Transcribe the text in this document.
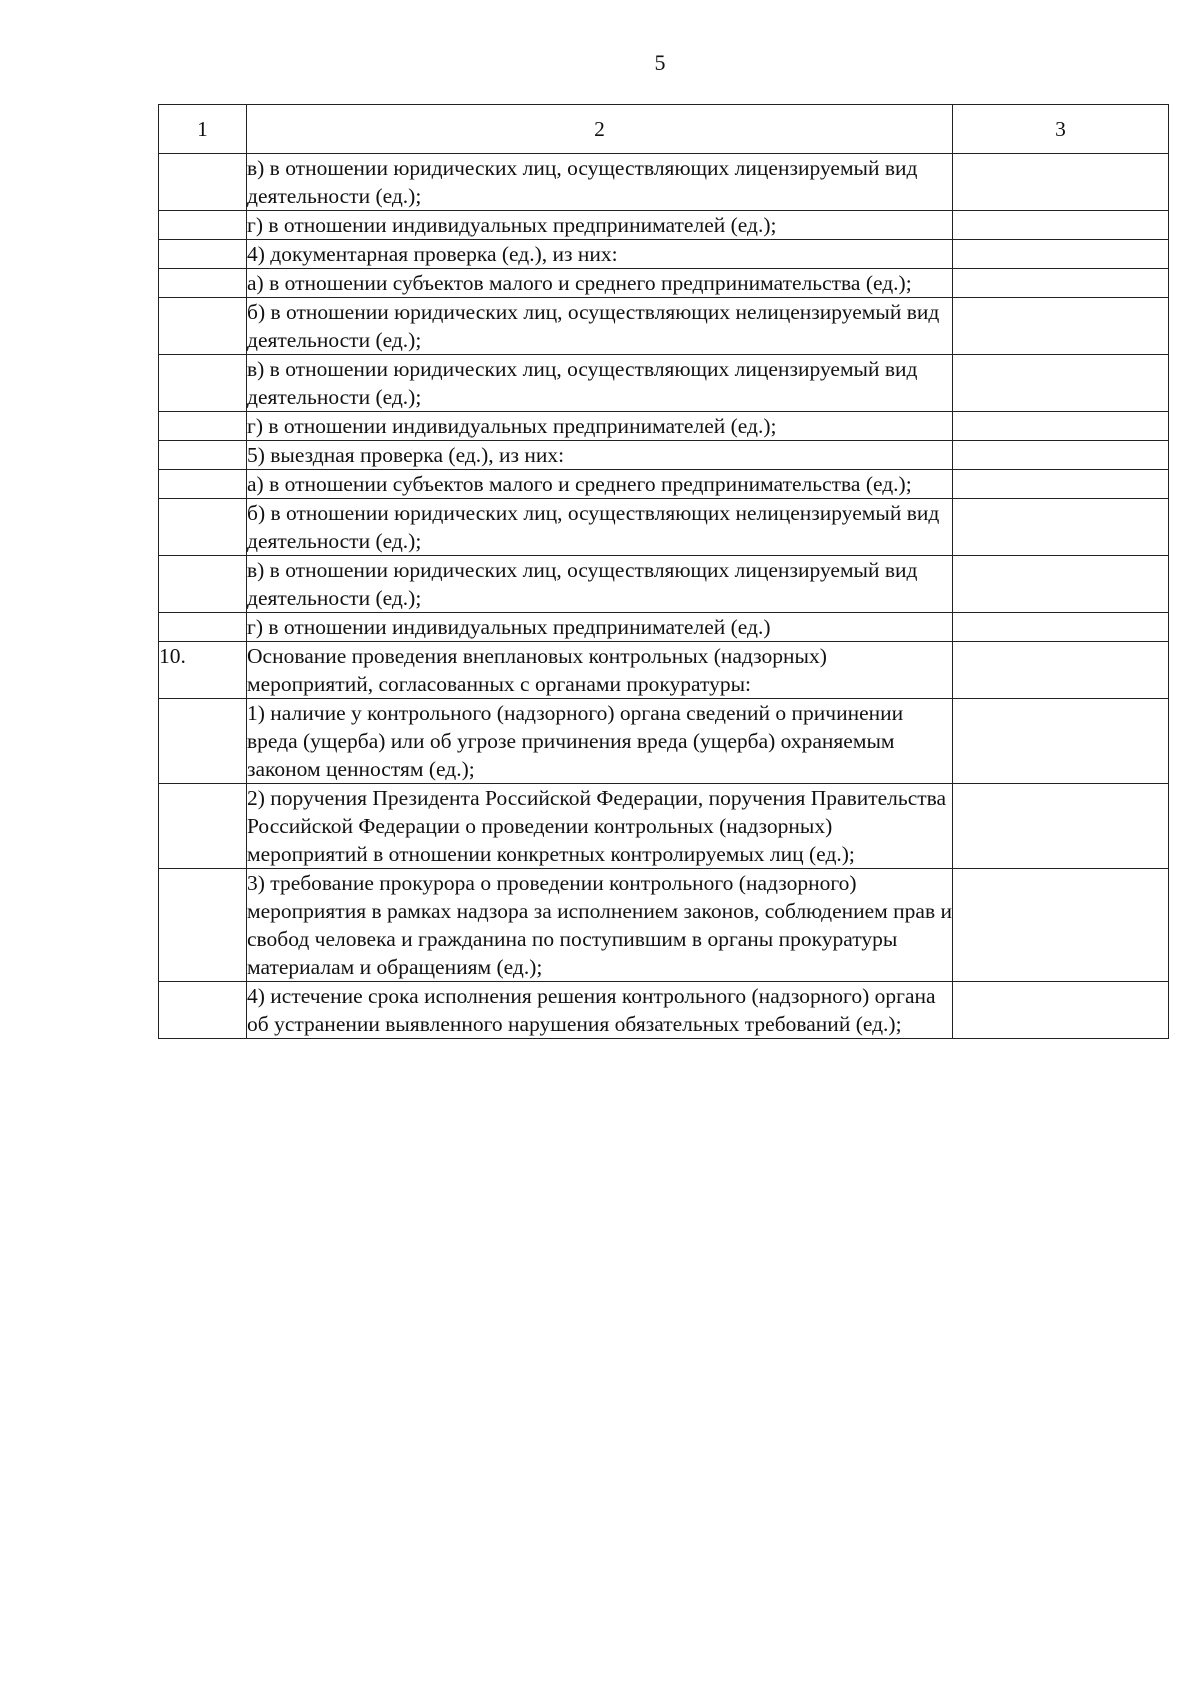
5
1	2	3
	в) в отношении юридических лиц, осуществляющих лицензируемый вид деятельности (ед.);	
	г) в отношении индивидуальных предпринимателей (ед.);	
	4) документарная проверка (ед.), из них:	
	а) в отношении субъектов малого и среднего предпринимательства (ед.);	
	б) в отношении юридических лиц, осуществляющих нелицензируемый вид деятельности (ед.);	
	в) в отношении юридических лиц, осуществляющих лицензируемый вид деятельности (ед.);	
	г) в отношении индивидуальных предпринимателей (ед.);	
	5) выездная проверка (ед.), из них:	
	а) в отношении субъектов малого и среднего предпринимательства (ед.);	
	б) в отношении юридических лиц, осуществляющих нелицензируемый вид деятельности (ед.);	
	в) в отношении юридических лиц, осуществляющих лицензируемый вид деятельности (ед.);	
	г) в отношении индивидуальных предпринимателей (ед.)	
10.	Основание проведения внеплановых контрольных (надзорных) мероприятий, согласованных с органами прокуратуры:	
	1) наличие у контрольного (надзорного) органа сведений о причинении вреда (ущерба) или об угрозе причинения вреда (ущерба) охраняемым законом ценностям (ед.);	
	2) поручения Президента Российской Федерации, поручения Правительства Российской Федерации о проведении контрольных (надзорных) мероприятий в отношении конкретных контролируемых лиц (ед.);	
	3) требование прокурора о проведении контрольного (надзорного) мероприятия в рамках надзора за исполнением законов, соблюдением прав и свобод человека и гражданина по поступившим в органы прокуратуры материалам и обращениям (ед.);	
	4) истечение срока исполнения решения контрольного (надзорного) органа об устранении выявленного нарушения обязательных требований (ед.);	
